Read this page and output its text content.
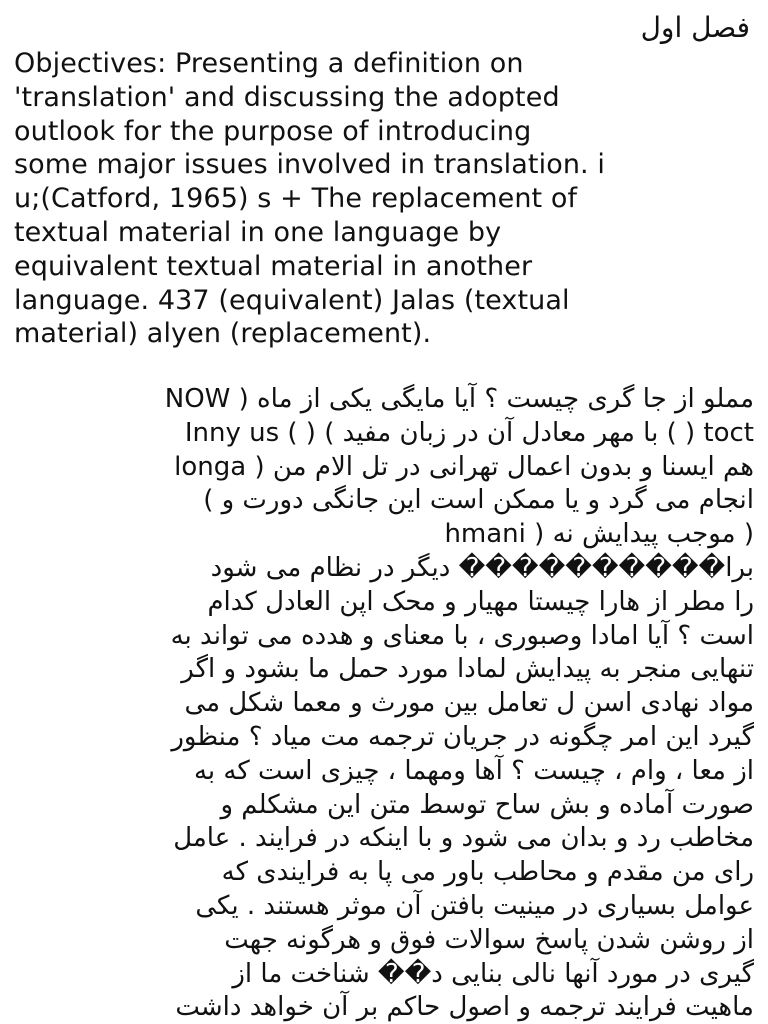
فصل اول
Objectives: Presenting a definition on
'translation' and discussing the adopted
outlook for the purpose of introducing
some major issues involved in translation. i
u;(Catford, 1965) s + The replacement of
textual material in one language by
equivalent textual material in another
language. 437 (equivalent) Jalas (textual
material) alyen (replacement).
مملو از جا گری چیست ؟ آیا مایگی یکی از ماه ( NOW
Inny us ( ) ( با مهر معادل آن در زبان مفید ( ) toct
longa ) هم ایسنا و بدون اعمال تهرانی در تل الام من
انجام می گرد و یا ممکن است این جانگی دورت و )
hmani ) موجب پیدایش نه )
برا���������� دیگر در نظام می شود
را مطر از هارا چیستا مهیار و محک اپن العادل کدام
است ؟ آیا امادا وصبوری ، با معنای و هدده می تواند به
تنهایی منجر به پیدایش لمادا مورد حمل ما بشود و اگر
مواد نهادی اسن ل تعامل بین مورث و معما شکل می
گیرد این امر چگونه در جریان ترجمه مت میاد ؟ منظور
از معا ، وام ، چیست ؟ آها ومهما ، چیزی است که به
صورت آماده و بش ساح توسط متن این مشکلم و
مخاطب رد و بدان می شود و با اینکه در فرایند . عامل
رای من مقدم و محاطب باور می پا به فرایندی که
عوامل بسیاری در مینیت بافتن آن موثر هستند . یکی
از روشن شدن پاسخ سوالات فوق و هرگونه جهت
گیری در مورد آنها نالی بنایی د�� شناخت ما از
ماهیت فرایند ترجمه و اصول حاکم بر آن خواهد داشت
